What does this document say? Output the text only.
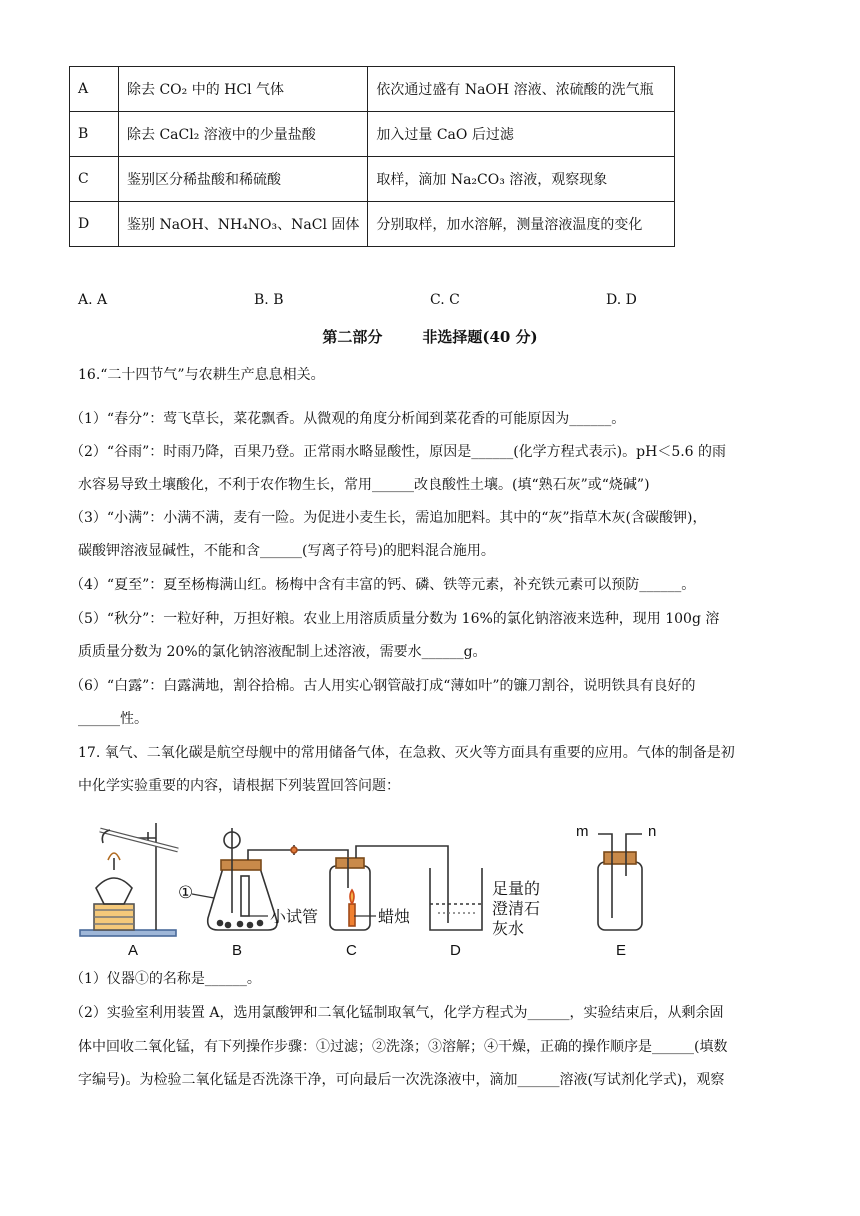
A	除去 CO₂ 中的 HCl 气体	依次通过盛有 NaOH 溶液、浓硫酸的洗气瓶
B	除去 CaCl₂ 溶液中的少量盐酸	加入过量 CaO 后过滤
C	鉴别区分稀盐酸和稀硫酸	取样，滴加 Na₂CO₃ 溶液，观察现象
D	鉴别 NaOH、NH₄NO₃、NaCl 固体	分别取样，加水溶解，测量溶液温度的变化
A. A	B. B	C. C	D. D
第二部分	非选择题(40 分)
16.“二十四节气”与农耕生产息息相关。
（1）“春分”：莺飞草长，菜花飘香。从微观的角度分析闻到菜花香的可能原因为______。
（2）“谷雨”：时雨乃降，百果乃登。正常雨水略显酸性，原因是______(化学方程式表示)。pH＜5.6 的雨
水容易导致土壤酸化，不利于农作物生长，常用______改良酸性土壤。(填“熟石灰”或“烧碱”)
（3）“小满”：小满不满，麦有一险。为促进小麦生长，需追加肥料。其中的“灰”指草木灰(含碳酸钾)，
碳酸钾溶液显碱性，不能和含______(写离子符号)的肥料混合施用。
（4）“夏至”：夏至杨梅满山红。杨梅中含有丰富的钙、磷、铁等元素，补充铁元素可以预防______。
（5）“秋分”：一粒好种，万担好粮。农业上用溶质质量分数为 16%的氯化钠溶液来选种，现用 100g 溶
质质量分数为 20%的氯化钠溶液配制上述溶液，需要水______g。
（6）“白露”：白露满地，割谷拾棉。古人用实心钢管敲打成“薄如叶”的镰刀割谷，说明铁具有良好的
______性。
17. 氧气、二氧化碳是航空母舰中的常用储备气体，在急救、灭火等方面具有重要的应用。气体的制备是初
中化学实验重要的内容，请根据下列装置回答问题：
A	B	C	D	E
m	n
①
小试管	蜡烛
足量的
澄清石
灰水
（1）仪器①的名称是______。
（2）实验室利用装置 A，选用氯酸钾和二氧化锰制取氧气，化学方程式为______，实验结束后，从剩余固
体中回收二氧化锰，有下列操作步骤：①过滤；②洗涤；③溶解；④干燥，正确的操作顺序是______(填数
字编号)。为检验二氧化锰是否洗涤干净，可向最后一次洗涤液中，滴加______溶液(写试剂化学式)，观察
